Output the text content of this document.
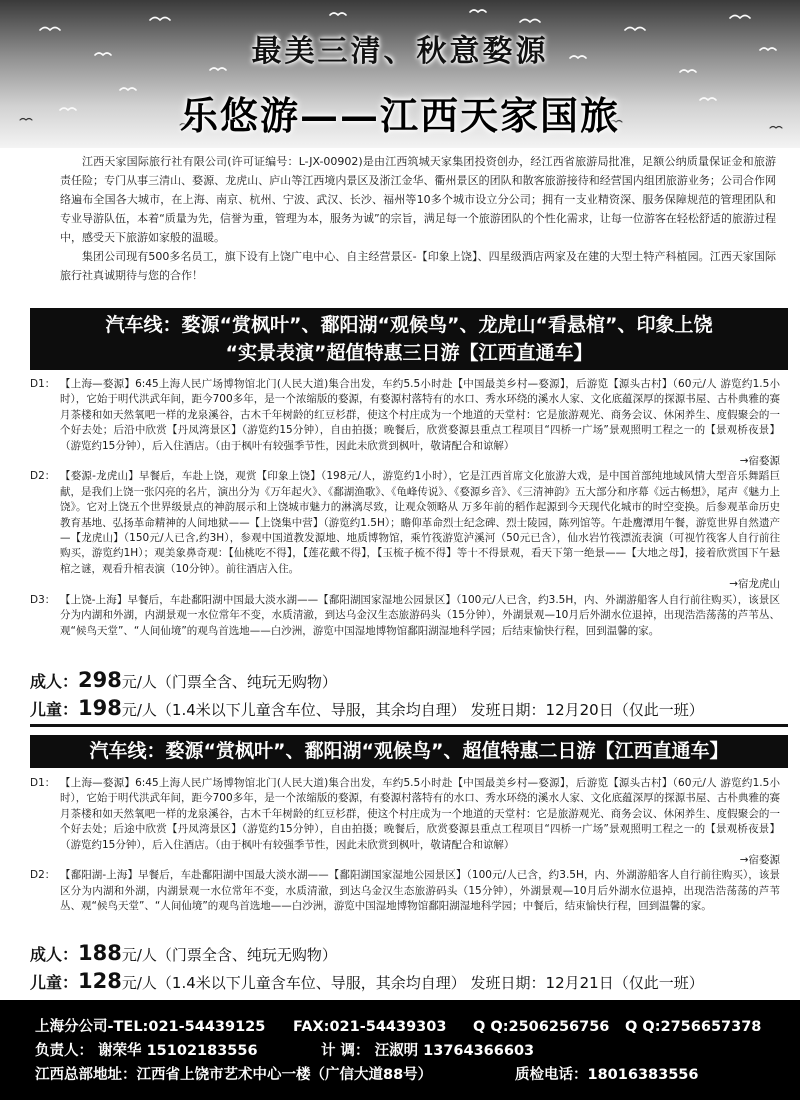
最美三清、秋意婺源
乐悠游——江西天家国旅

江西天家国际旅行社有限公司(许可证编号：L-JX-00902)是由江西筑城天家集团投资创办，经江西省旅游局批准，足额公纳质量保证金和旅游责任险；专门从事三清山、婺源、龙虎山、庐山等江西境内景区及浙江金华、衢州景区的团队和散客旅游接待和经营国内组团旅游业务；公司合作网络遍布全国各大城市，在上海、南京、杭州、宁波、武汉、长沙、福州等10多个城市设立分公司；拥有一支业精资深、服务保障规范的管理团队和专业导游队伍，本着“质量为先，信誉为重，管理为本，服务为诚”的宗旨，满足每一个旅游团队的个性化需求，让每一位游客在轻松舒适的旅游过程中，感受天下旅游如家般的温暖。

集团公司现有500多名员工，旗下设有上饶广电中心、自主经营景区-【印象上饶】、四星级酒店两家及在建的大型土特产科植园。江西天家国际旅行社真诚期待与您的合作！

汽车线：婺源“赏枫叶”、鄱阳湖“观候鸟”、龙虎山“看悬棺”、印象上饶
“实景表演”超值特惠三日游【江西直通车】
D1： 【上海—婺源】6:45上海人民广场博物馆北门(人民大道)集合出发，车约5.5小时赴【中国最美乡村—婺源】，后游览【源头古村】（60元/人 游览约1.5小时），它始于明代洪武年间，距今700多年，是一个浓缩版的婺源，有婺源村落特有的水口、秀水环绕的溪水人家、文化底蕴深厚的探源书屋、古朴典雅的赛月茶楼和如天然氧吧一样的龙泉溪谷，古木千年树龄的红豆杉群，使这个村庄成为一个地道的天堂村：它是旅游观光、商务会议、休闲养生、度假聚会的一个好去处；后沿中欣赏【丹凤湾景区】（游览约15分钟），自由拍摄；晚餐后，欣赏婺源县重点工程项目“四桥一广场”景观照明工程之一的【景观桥夜景】（游览约15分钟），后入住酒店。（由于枫叶有较强季节性，因此未欣赏到枫叶，敬请配合和谅解）
→宿婺源
D2： 【婺源-龙虎山】早餐后，车赴上饶，观赏【印象上饶】（198元/人，游览约1小时），它是江西首席文化旅游大戏，是中国首部纯地域风情大型音乐舞蹈巨献，是我们上饶一张闪亮的名片，演出分为《万年起火》、《鄱湖渔歌》、《龟峰传说》、《婺源乡音》、《三清神韵》五大部分和序幕《远古畅想》，尾声《魅力上饶》。它对上饶五个世界级景点的神韵展示和上饶城市魅力的淋漓尽致，让观众领略从 万多年前的稻作起源到今天现代化城市的时空变换。后参观革命历史教育基地、弘扬革命精神的人间地狱——【上饶集中营】（游览约1.5H）；瞻仰革命烈士纪念碑、烈士陵园，陈列馆等。午赴鹰潭用午餐，游览世界自然遗产—【龙虎山】（150元/人已含,约3H），参观中国道教发源地、地质博物馆，乘竹筏游览泸溪河（50元已含），仙水岩竹筏漂流表演（可视竹筏客人自行前往购买，游览约1H）；观美象鼻奇观：【仙桃吃不得】，【莲花戴不得】，【玉梳子梳不得】等十不得景观，看天下第一绝景——【大地之母】，接着欣赏国下午悬棺之谜，观看升棺表演（10分钟）。前往酒店入住。
→宿龙虎山
D3： 【上饶-上海】早餐后，车赴鄱阳湖中国最大淡水湖——【鄱阳湖国家湿地公园景区】（100元/人已含，约3.5H，内、外湖游船客人自行前往购买），该景区分为内湖和外湖，内湖景观一水位常年不变，水质清澈，到达乌金汉生态旅游码头（15分钟），外湖景观—10月后外湖水位退掉，出现浩浩荡荡的芦苇丛、观“候鸟天堂”、“人间仙境”的观鸟首选地——白沙洲，游览中国湿地博物馆鄱阳湖湿地科学园；后结束愉快行程，回到温馨的家。
成人：298元/人（门票全含、纯玩无购物）
儿童：198元/人（1.4米以下儿童含车位、导服，其余均自理） 发班日期：12月20日（仅此一班）
汽车线：婺源“赏枫叶”、鄱阳湖“观候鸟”、超值特惠二日游【江西直通车】
D1： 【上海—婺源】6:45上海人民广场博物馆北门(人民大道)集合出发，车约5.5小时赴【中国最美乡村—婺源】，后游览【源头古村】（60元/人 游览约1.5小时），它始于明代洪武年间，距今700多年，是一个浓缩版的婺源，有婺源村落特有的水口、秀水环绕的溪水人家、文化底蕴深厚的探源书屋、古朴典雅的赛月茶楼和如天然氧吧一样的龙泉溪谷，古木千年树龄的红豆杉群，使这个村庄成为一个地道的天堂村：它是旅游观光、商务会议、休闲养生、度假聚会的一个好去处；后途中欣赏【丹凤湾景区】（游览约15分钟），自由拍摄；晚餐后，欣赏婺源县重点工程项目“四桥一广场”景观照明工程之一的【景观桥夜景】（游览约15分钟），后入住酒店。（由于枫叶有较强季节性，因此未欣赏到枫叶，敬请配合和谅解）
→宿婺源
D2： 【鄱阳湖-上海】早餐后，车赴鄱阳湖中国最大淡水湖——【鄱阳湖国家湿地公园景区】（100元/人已含，约3.5H，内、外湖游船客人自行前往购买），该景区分为内湖和外湖，内湖景观一水位常年不变，水质清澈，到达乌金汉生态旅游码头（15分钟），外湖景观—10月后外湖水位退掉，出现浩浩荡荡的芦苇丛、观“候鸟天堂”、“人间仙境”的观鸟首选地——白沙洲，游览中国湿地博物馆鄱阳湖湿地科学园；中餐后，结束愉快行程，回到温馨的家。
成人：188元/人（门票全含、纯玩无购物）
儿童：128元/人（1.4米以下儿童含车位、导服，其余均自理） 发班日期：12月21日（仅此一班）
上海分公司-TEL:021-54439125	FAX:021-54439303	Q Q:2506256756	Q Q:2756657378
负责人： 谢荣华 15102183556	计 调： 汪淑明 13764366603
江西总部地址：江西省上饶市艺术中心一楼（广信大道88号）	质检电话：18016383556
